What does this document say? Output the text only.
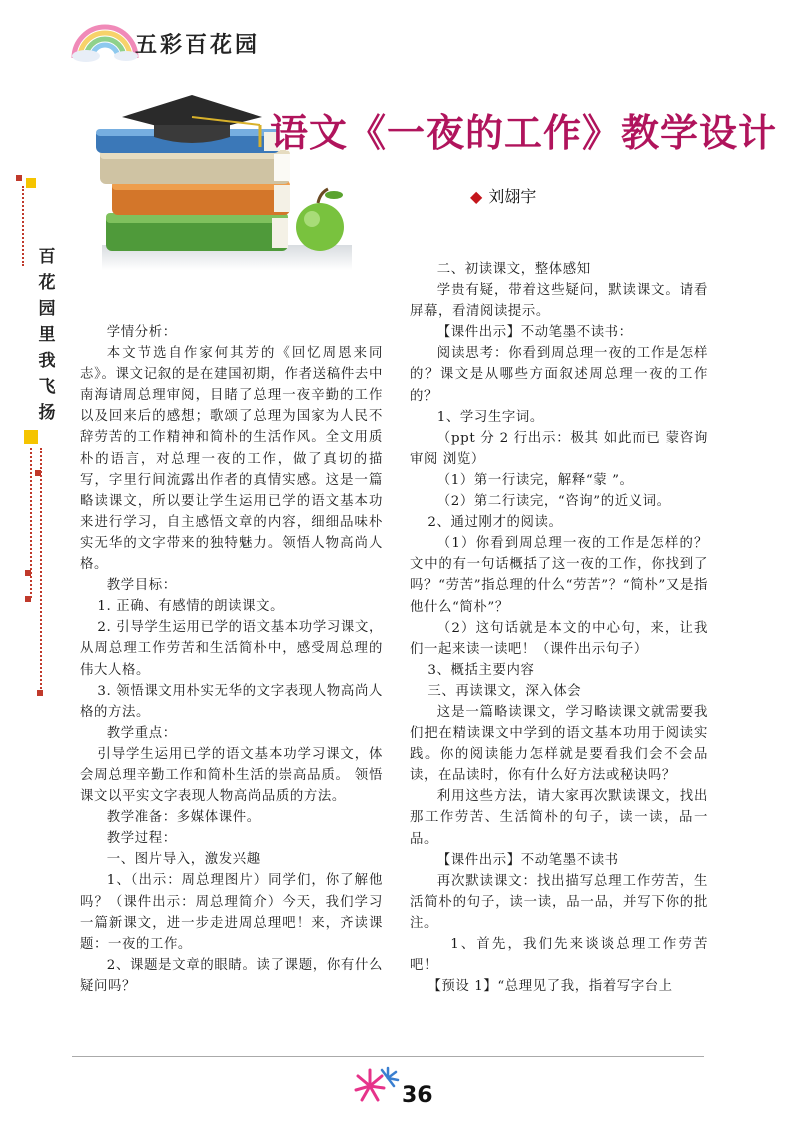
五彩百花园
语文《一夜的工作》教学设计
◆ 刘翃宇
百花园里我飞扬

学情分析：

本文节选自作家何其芳的《回忆周恩来同志》。课文记叙的是在建国初期，作者送稿件去中南海请周总理审阅，目睹了总理一夜辛勤的工作以及回来后的感想；歌颂了总理为国家为人民不辞劳苦的工作精神和简朴的生活作风。全文用质朴的语言，对总理一夜的工作，做了真切的描写，字里行间流露出作者的真情实感。这是一篇略读课文，所以要让学生运用已学的语文基本功来进行学习，自主感悟文章的内容，细细品味朴实无华的文字带来的独特魅力。领悟人物高尚人格。

教学目标：

1. 正确、有感情的朗读课文。

2. 引导学生运用已学的语文基本功学习课文，从周总理工作劳苦和生活简朴中，感受周总理的伟大人格。

3. 领悟课文用朴实无华的文字表现人物高尚人格的方法。

教学重点：

引导学生运用已学的语文基本功学习课文，体会周总理辛勤工作和简朴生活的崇高品质。 领悟课文以平实文字表现人物高尚品质的方法。

教学准备：多媒体课件。

教学过程：

一、图片导入，激发兴趣

1、（出示：周总理图片）同学们，你了解他吗？（课件出示：周总理简介）今天，我们学习一篇新课文，进一步走进周总理吧！来，齐读课题：一夜的工作。

2、课题是文章的眼睛。读了课题，你有什么疑问吗？

二、初读课文，整体感知

学贵有疑，带着这些疑问，默读课文。请看屏幕，看清阅读提示。

【课件出示】不动笔墨不读书：

阅读思考：你看到周总理一夜的工作是怎样的？课文是从哪些方面叙述周总理一夜的工作的？

1、学习生字词。

（ppt 分 2 行出示：极其 如此而已 蒙咨询 审阅 浏览）

（1）第一行读完，解释“蒙 ”。

（2）第二行读完，“咨询”的近义词。

2、通过刚才的阅读。

（1）你看到周总理一夜的工作是怎样的？文中的有一句话概括了这一夜的工作，你找到了吗？“劳苦”指总理的什么“劳苦”？“简朴”又是指他什么“简朴”？

（2）这句话就是本文的中心句，来，让我们一起来读一读吧！（课件出示句子）

3、概括主要内容

三、再读课文，深入体会

这是一篇略读课文，学习略读课文就需要我们把在精读课文中学到的语文基本功用于阅读实践。你的阅读能力怎样就是要看我们会不会品读，在品读时，你有什么好方法或秘诀吗？

利用这些方法，请大家再次默读课文，找出那工作劳苦、生活简朴的句子，读一读，品一品。

【课件出示】不动笔墨不读书

再次默读课文：找出描写总理工作劳苦，生活简朴的句子，读一读，品一品，并写下你的批注。

1、首先，我们先来谈谈总理工作劳苦吧！

【预设 1】“总理见了我，指着写字台上

36
